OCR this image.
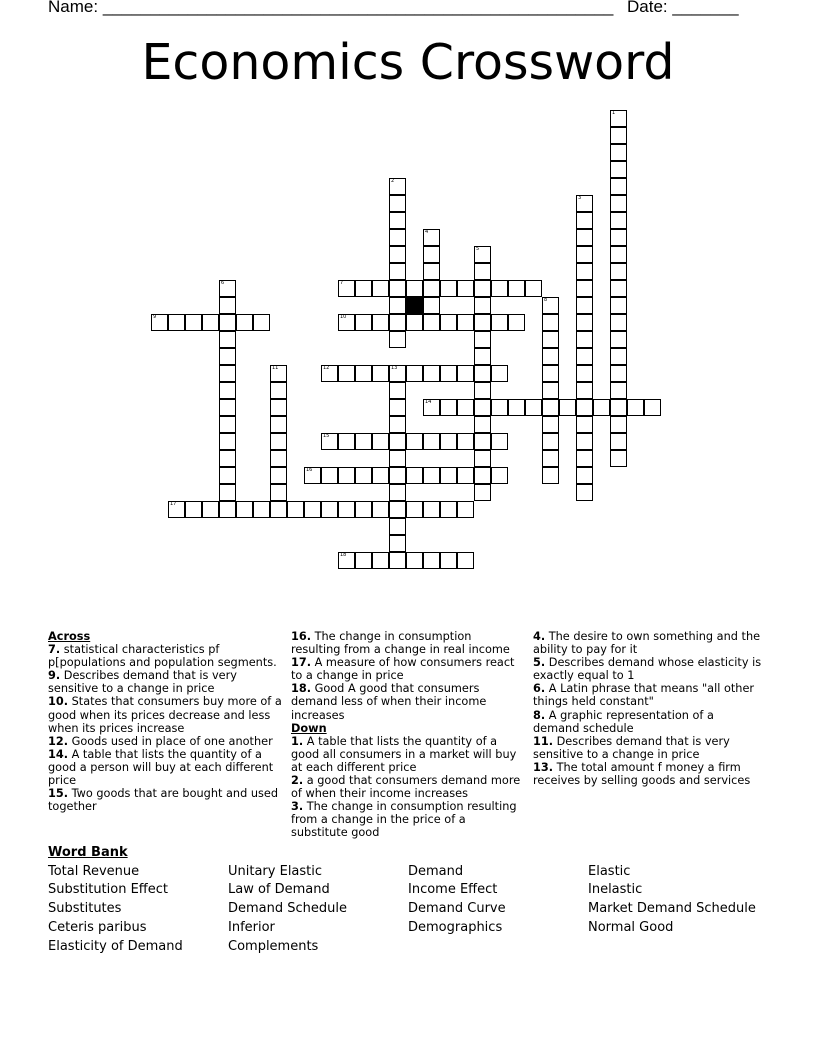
Name: ______________________________________________________ Date: _______
Economics Crossword
7
9	10
12	13
14
15
16
17
18
1
2
3
4
5
6
8
11
Across
7. statistical characteristics pf p[populations and population segments.
9. Describes demand that is very sensitive to a change in price
10. States that consumers buy more of a good when its prices decrease and less when its prices increase
12. Goods used in place of one another
14. A table that lists the quantity of a good a person will buy at each different price
15. Two goods that are bought and used together
16. The change in consumption resulting from a change in real income
17. A measure of how consumers react to a change in price
18. Good A good that consumers demand less of when their income increases
Down
1. A table that lists the quantity of a good all consumers in a market will buy at each different price
2. a good that consumers demand more of when their income increases
3. The change in consumption resulting from a change in the price of a substitute good
4. The desire to own something and the ability to pay for it
5. Describes demand whose elasticity is exactly equal to 1
6. A Latin phrase that means "all other things held constant"
8. A graphic representation of a demand schedule
11. Describes demand that is very sensitive to a change in price
13. The total amount f money a firm receives by selling goods and services
Word Bank
Total Revenue
Substitution Effect
Substitutes
Ceteris paribus
Elasticity of Demand
Unitary Elastic
Law of Demand
Demand Schedule
Inferior
Complements
Demand
Income Effect
Demand Curve
Demographics
Elastic
Inelastic
Market Demand Schedule
Normal Good
